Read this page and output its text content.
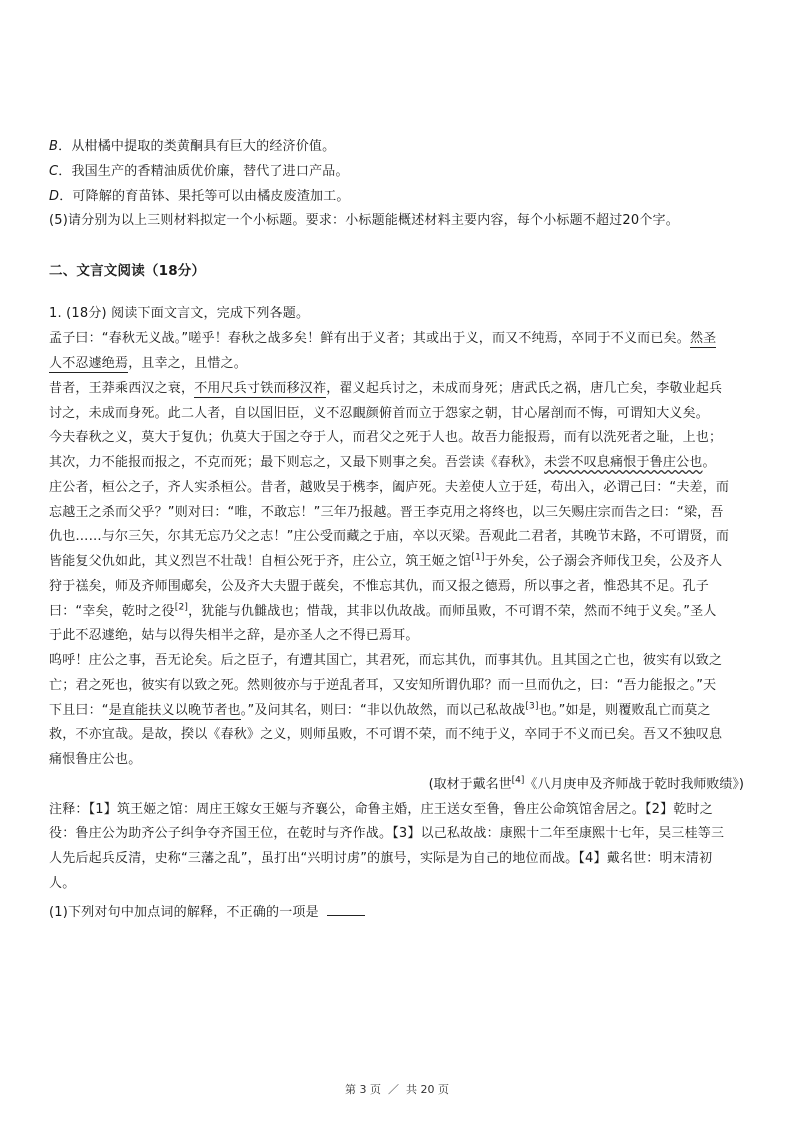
B．从柑橘中提取的类黄酮具有巨大的经济价值。
C．我国生产的香精油质优价廉，替代了进口产品。
D．可降解的育苗钵、果托等可以由橘皮废渣加工。
(5)请分别为以上三则材料拟定一个小标题。要求：小标题能概述材料主要内容，每个小标题不超过20个字。
二、文言文阅读（18分）
1. (18分) 阅读下面文言文，完成下列各题。
孟子曰：“春秋无义战。”嗟乎！春秋之战多矣！鲜有出于义者；其或出于义，而又不纯焉，卒同于不义而已矣。然圣
人不忍遽绝焉，且幸之，且惜之。
昔者，王莽乘西汉之衰，不用尺兵寸铁而移汉祚，翟义起兵讨之，未成而身死；唐武氏之祸，唐几亡矣，李敬业起兵
讨之，未成而身死。此二人者，自以国旧臣，义不忍靦颜俯首而立于怨家之朝，甘心屠剖而不悔，可谓知大义矣。
今夫春秋之义，莫大于复仇；仇莫大于国之夺于人，而君父之死于人也。故吾力能报焉，而有以洗死者之耻，上也；
其次，力不能报而报之，不克而死；最下则忘之，又最下则事之矣。吾尝读《春秋》，未尝不叹息痛恨于鲁庄公也。
庄公者，桓公之子，齐人实杀桓公。昔者，越败吴于槜李，阖庐死。夫差使人立于廷，苟出入，必谓己曰：“夫差，而
忘越王之杀而父乎？”则对曰：“唯，不敢忘！”三年乃报越。晋王李克用之将终也，以三矢赐庄宗而告之曰：“梁，吾
仇也……与尔三矢，尔其无忘乃父之志！”庄公受而藏之于庙，卒以灭梁。吾观此二君者，其晚节末路，不可谓贤，而
皆能复父仇如此，其义烈岂不壮哉！自桓公死于齐，庄公立，筑王姬之馆[1]于外矣，公子溺会齐师伐卫矣，公及齐人
狩于禚矣，师及齐师围郕矣，公及齐大夫盟于蔇矣，不惟忘其仇，而又报之德焉，所以事之者，惟恐其不足。孔子
曰：“幸矣，乾时之役[2]，犹能与仇雠战也；惜哉，其非以仇故战。而师虽败，不可谓不荣，然而不纯于义矣。”圣人
于此不忍遽绝，姑与以得失相半之辞，是亦圣人之不得已焉耳。
呜呼！庄公之事，吾无论矣。后之臣子，有遭其国亡，其君死，而忘其仇，而事其仇。且其国之亡也，彼实有以致之
亡；君之死也，彼实有以致之死。然则彼亦与于逆乱者耳，又安知所谓仇耶？而一旦而仇之，曰：“吾力能报之。”天
下且曰：“是直能扶义以晚节者也。”及问其名，则曰：“非以仇故然，而以己私故战[3]也。”如是，则覆败乱亡而莫之
救，不亦宜哉。是故，揆以《春秋》之义，则师虽败，不可谓不荣，而不纯于义，卒同于不义而已矣。吾又不独叹息
痛恨鲁庄公也。
(取材于戴名世[4]《八月庚申及齐师战于乾时我师败绩》)
注释：【1】筑王姬之馆：周庄王嫁女王姬与齐襄公，命鲁主婚，庄王送女至鲁，鲁庄公命筑馆舍居之。【2】乾时之
役：鲁庄公为助齐公子纠争夺齐国王位，在乾时与齐作战。【3】以己私故战：康熙十二年至康熙十七年，吴三桂等三
人先后起兵反清，史称“三藩之乱”，虽打出“兴明讨虏”的旗号，实际是为自己的地位而战。【4】戴名世：明末清初
人。
(1)下列对句中加点词的解释，不正确的一项是
第 3 页  ／  共 20 页
